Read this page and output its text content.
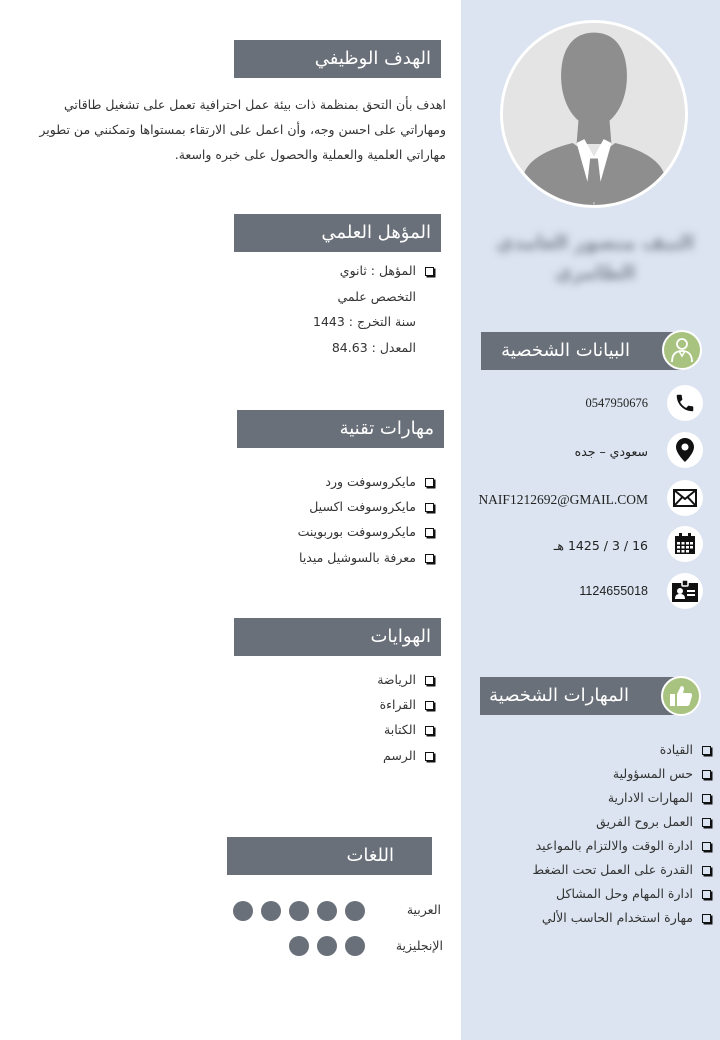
النيف منصور الغامدي الطامري
الهدف الوظيفي

اهدف بأن التحق بمنظمة ذات بيئة عمل احترافية تعمل على تشغيل طاقاتي ومهاراتي على احسن وجه، وأن اعمل على الارتقاء بمستواها وتمكنني من تطوير مهاراتي العلمية والعملية والحصول على خبره واسعة.

المؤهل العلمي
المؤهل : ثانوي
التخصص علمي
سنة التخرج : 1443
المعدل : 84.63
مهارات تقنية
مايكروسوفت ورد
مايكروسوفت اكسيل
مايكروسوفت بوربوينت
معرفة بالسوشيل ميديا
الهوايات
الرياضة
القراءة
الكتابة
الرسم
اللغات
العربية
الإنجليزية
البيانات الشخصية
0547950676
سعودي – جده
NAIF1212692@GMAIL.COM
16 / 3 / 1425 هـ
1124655018
المهارات الشخصية
القيادة
حس المسؤولية
المهارات الادارية
العمل بروح الفريق
ادارة الوقت والالتزام بالمواعيد
القدرة على العمل تحت الضغط
ادارة المهام وحل المشاكل
مهارة استخدام الحاسب الألي
